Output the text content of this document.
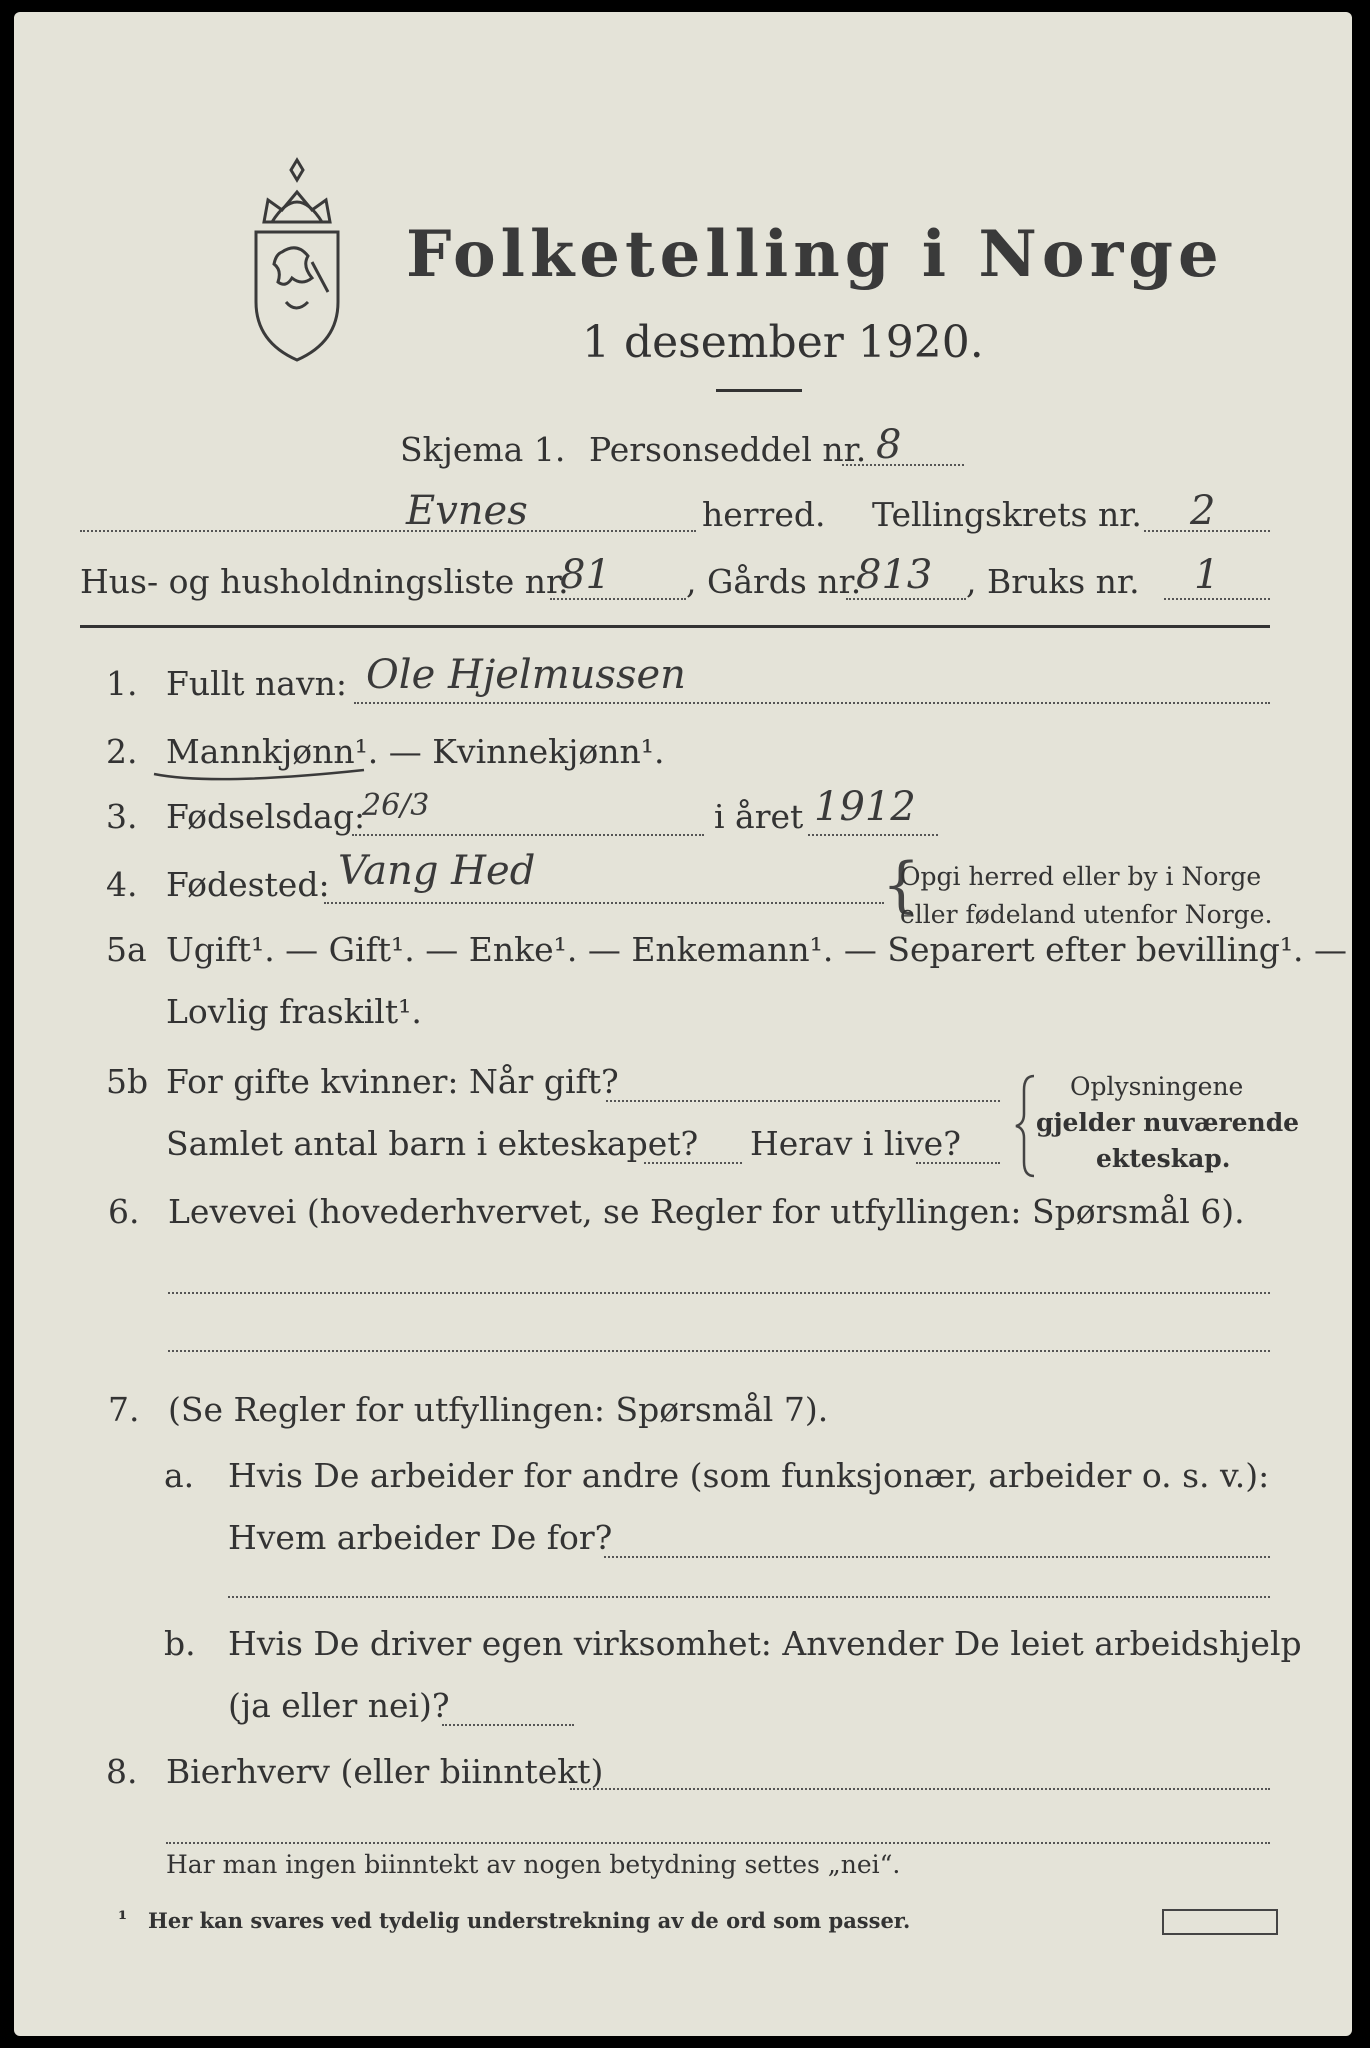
Folketelling i Norge
1 desember 1920.
Skjema 1. Personseddel nr. 8
Evnes	herred. Tellingskrets nr. 2
Hus- og husholdningsliste nr.
81 , Gårds nr.
813 , Bruks nr. 1
1. Fullt navn: Ole Hjelmussen
2. Mannkjønn¹. — Kvinnekjønn¹.
3. Fødselsdag:
26/3	i året 1912
4. Fødested: Vang Hed	{
Opgi herred eller by i Norge
eller fødeland utenfor Norge.
5a Ugift¹. — Gift¹. — Enke¹. — Enkemann¹. — Separert efter bevilling¹. —
Lovlig fraskilt¹.
5b For gifte kvinner: Når gift?
Samlet antal barn i ekteskapet? Herav i live?
Oplysningene
gjelder nuværende
ekteskap.
6. Levevei (hovederhvervet, se Regler for utfyllingen: Spørsmål 6).
7. (Se Regler for utfyllingen: Spørsmål 7).
a. Hvis De arbeider for andre (som funksjonær, arbeider o. s. v.):
Hvem arbeider De for?
b. Hvis De driver egen virksomhet: Anvender De leiet arbeidshjelp
(ja eller nei)?
8. Bierhverv (eller biinntekt)
Har man ingen biinntekt av nogen betydning settes „nei“.
¹ Her kan svares ved tydelig understrekning av de ord som passer.
